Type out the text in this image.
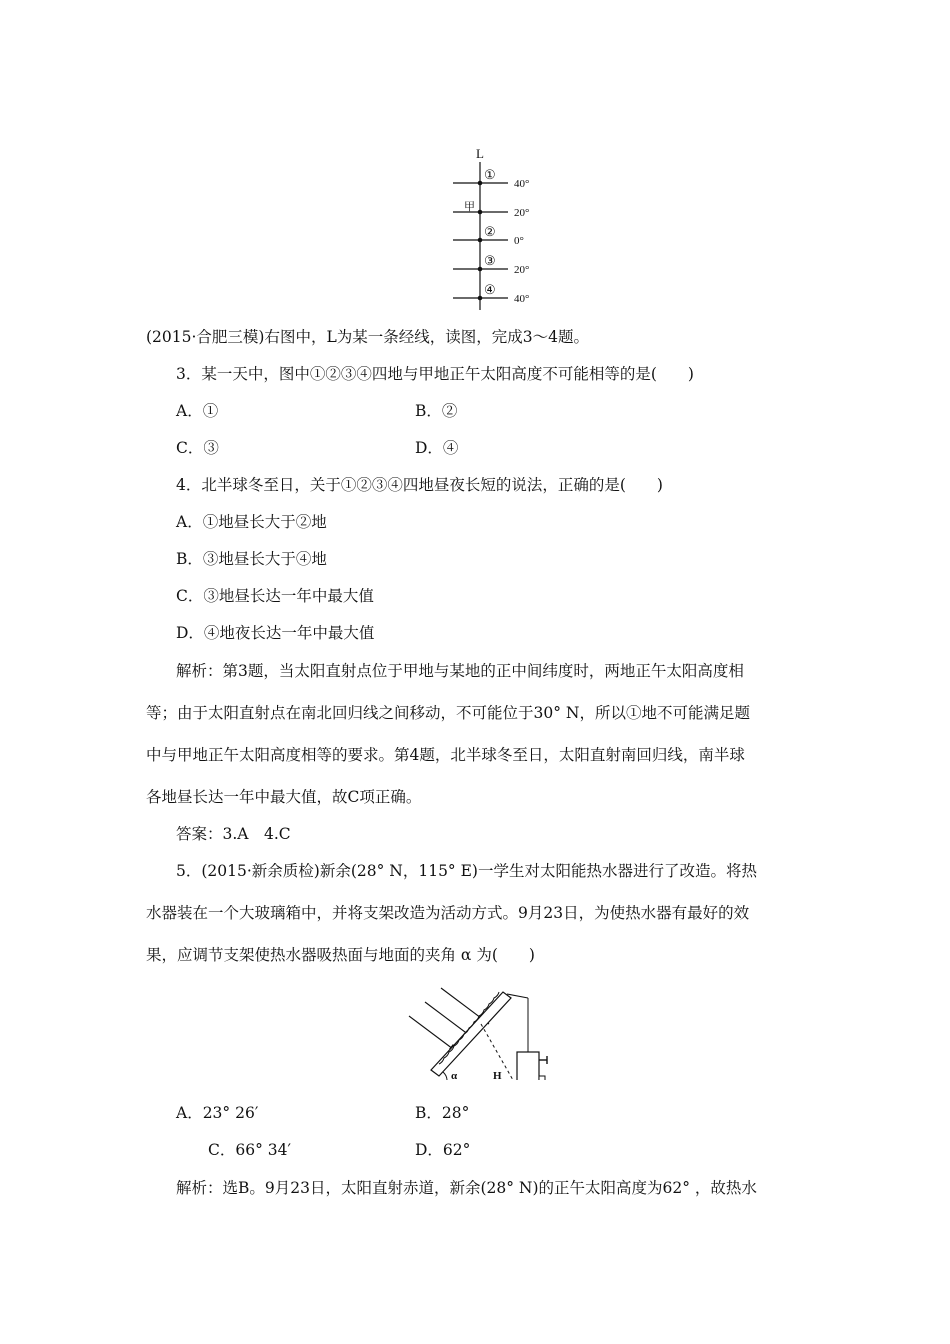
L
①
甲
②
③
④
40°
20°
0°
20°
40°
(2015·合肥三模)右图中，L为某一条经线，读图，完成3～4题。
3．某一天中，图中①②③④四地与甲地正午太阳高度不可能相等的是(　　)
A．①	B．②
C．③	D．④
4．北半球冬至日，关于①②③④四地昼夜长短的说法，正确的是(　　)
A．①地昼长大于②地
B．③地昼长大于④地
C．③地昼长达一年中最大值
D．④地夜长达一年中最大值
解析：第3题，当太阳直射点位于甲地与某地的正中间纬度时，两地正午太阳高度相
等；由于太阳直射点在南北回归线之间移动，不可能位于30° N，所以①地不可能满足题
中与甲地正午太阳高度相等的要求。第4题，北半球冬至日，太阳直射南回归线，南半球
各地昼长达一年中最大值，故C项正确。
答案：3.A　4.C
5．(2015·新余质检)新余(28° N，115° E)一学生对太阳能热水器进行了改造。将热
水器装在一个大玻璃箱中，并将支架改造为活动方式。9月23日，为使热水器有最好的效
果，应调节支架使热水器吸热面与地面的夹角 α 为(　　)
α	H
A．23° 26′	B．28°
C．66° 34′	D．62°
解析：选B。9月23日，太阳直射赤道，新余(28° N)的正午太阳高度为62° ，故热水
